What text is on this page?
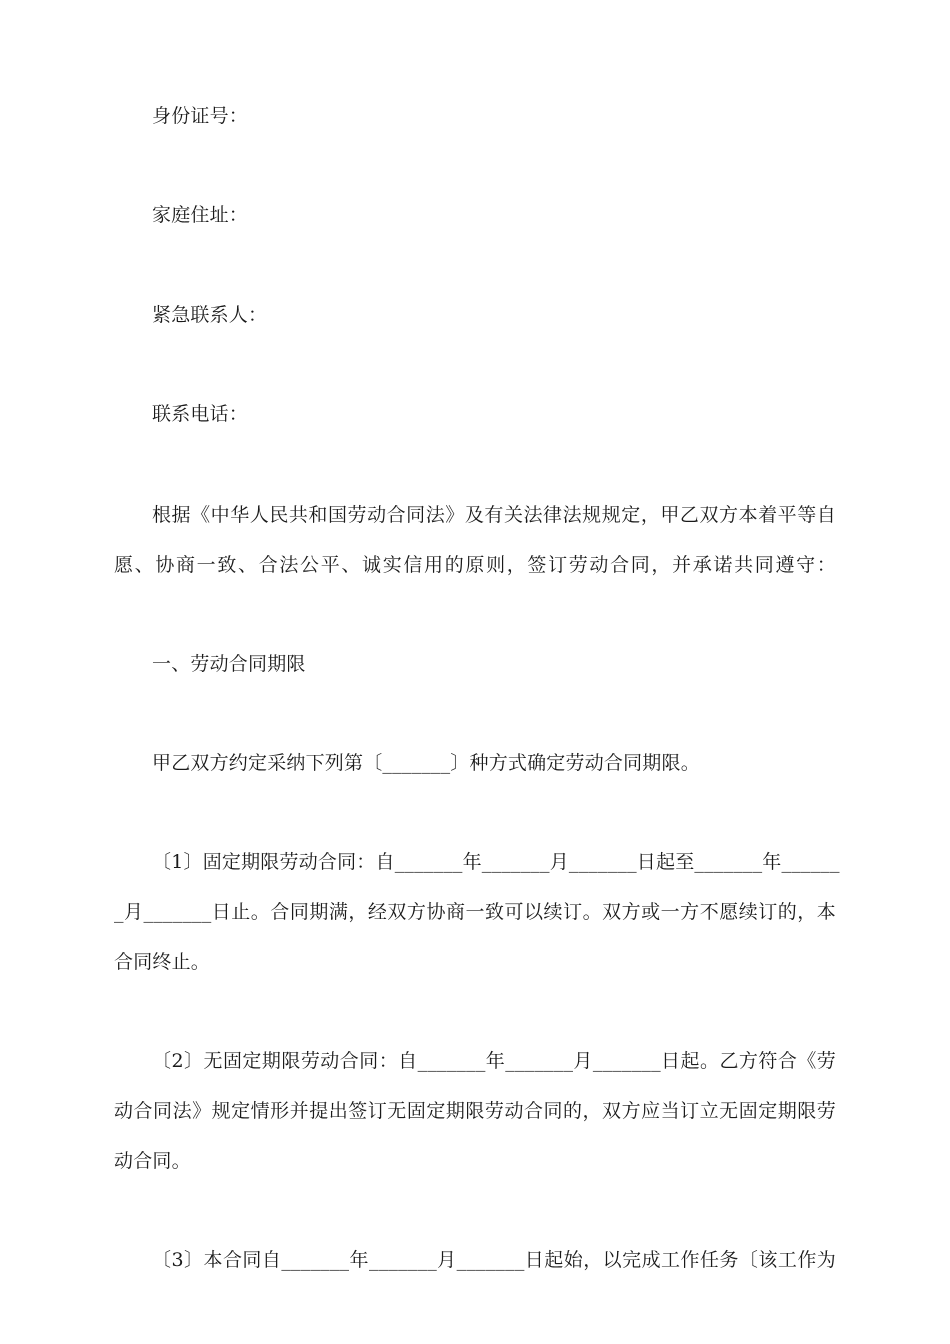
身份证号：
家庭住址：
紧急联系人：
联系电话：
根据《中华人民共和国劳动合同法》及有关法律法规规定，甲乙双方本着平等自
愿、协商一致、合法公平、诚实信用的原则，签订劳动合同，并承诺共同遵守：
一、劳动合同期限
甲乙双方约定采纳下列第〔_______〕种方式确定劳动合同期限。
〔1〕固定期限劳动合同：自_______年_______月_______日起至_______年______
_月_______日止。合同期满，经双方协商一致可以续订。双方或一方不愿续订的，本
合同终止。
〔2〕无固定期限劳动合同：自_______年_______月_______日起。乙方符合《劳
动合同法》规定情形并提出签订无固定期限劳动合同的，双方应当订立无固定期限劳
动合同。
〔3〕本合同自_______年_______月_______日起始，以完成工作任务〔该工作为
